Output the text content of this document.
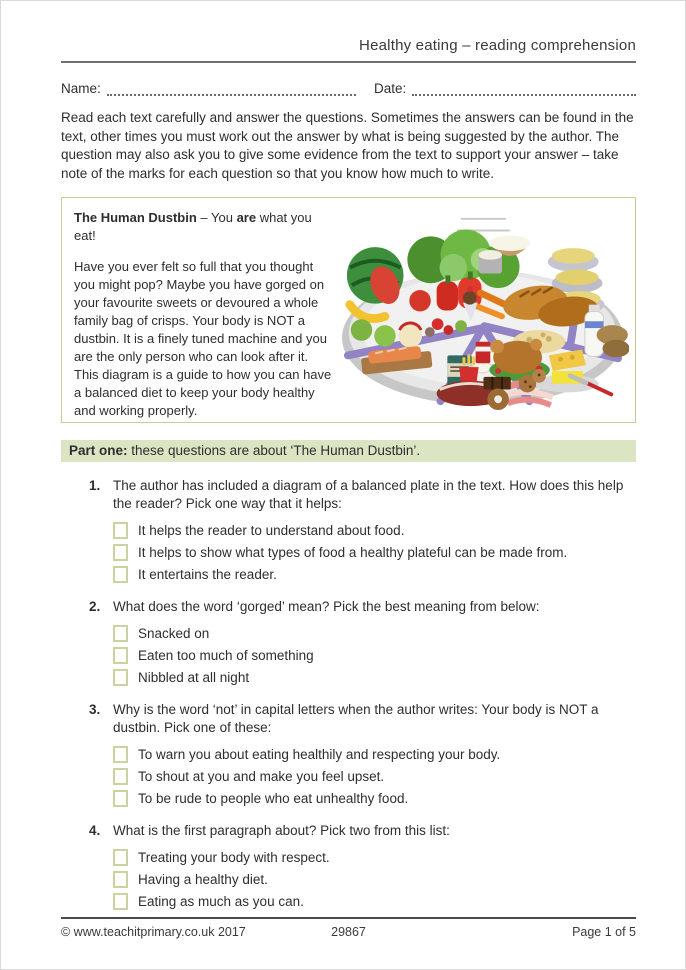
Healthy eating – reading comprehension
Name:	Date:

Read each text carefully and answer the questions. Sometimes the answers can be found in the text, other times you must work out the answer by what is being suggested by the author. The question may also ask you to give some evidence from the text to support your answer – take note of the marks for each question so that you know how much to write.

The Human Dustbin – You are what you eat!

Have you ever felt so full that you thought you might pop? Maybe you have gorged on your favourite sweets or devoured a whole family bag of crisps. Your body is NOT a dustbin. It is a finely tuned machine and you are the only person who can look after it.

This diagram is a guide to how you can have a balanced diet to keep your body healthy and working properly.

Part one: these questions are about ‘The Human Dustbin’.
1. The author has included a diagram of a balanced plate in the text. How does this help the reader? Pick one way that it helps:
It helps the reader to understand about food.
It helps to show what types of food a healthy plateful can be made from.
It entertains the reader.
2. What does the word ‘gorged’ mean? Pick the best meaning from below:
Snacked on
Eaten too much of something
Nibbled at all night
3. Why is the word ‘not’ in capital letters when the author writes: Your body is NOT a dustbin. Pick one of these:
To warn you about eating healthily and respecting your body.
To shout at you and make you feel upset.
To be rude to people who eat unhealthy food.
4. What is the first paragraph about? Pick two from this list:
Treating your body with respect.
Having a healthy diet.
Eating as much as you can.
© www.teachitprimary.co.uk 2017	29867	Page 1 of 5
